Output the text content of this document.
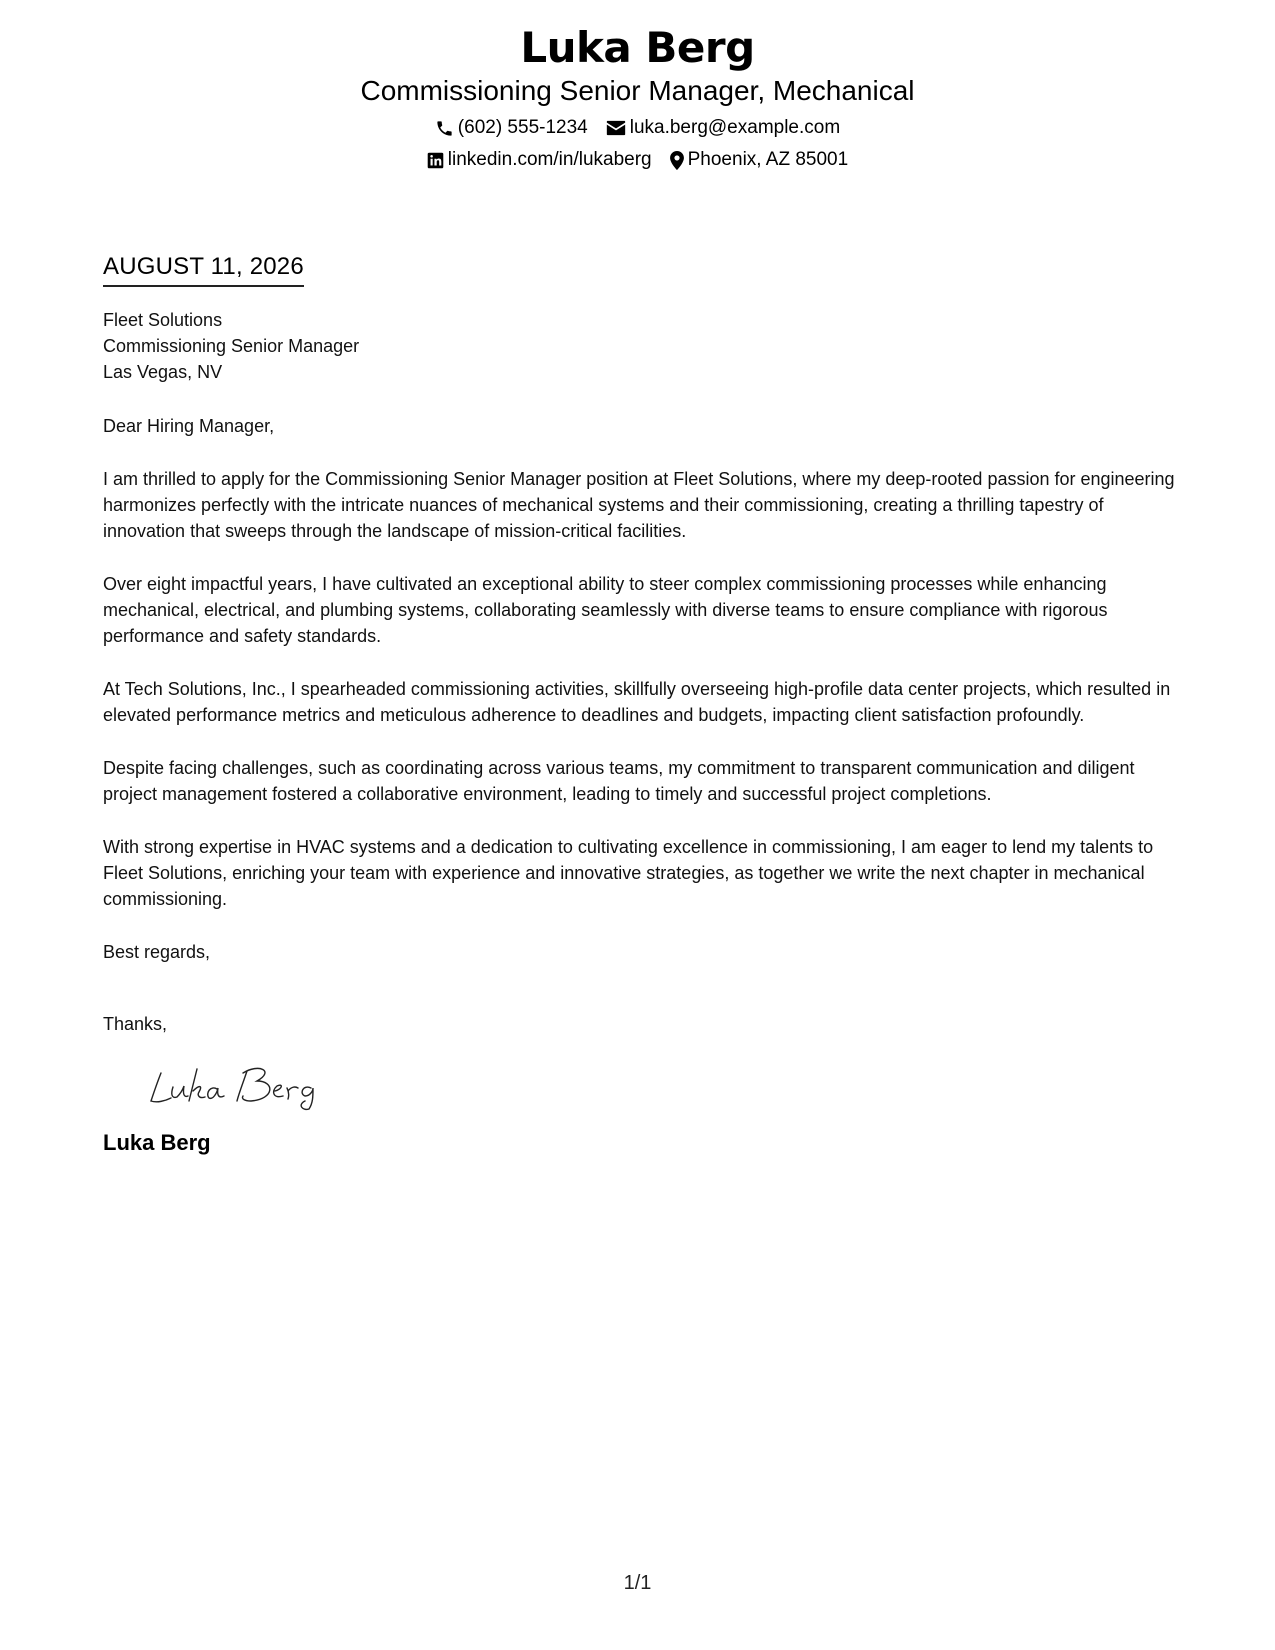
Luka Berg
Commissioning Senior Manager, Mechanical
(602) 555-1234 luka.berg@example.com
linkedin.com/in/lukaberg Phoenix, AZ 85001
AUGUST 11, 2026
Fleet Solutions
Commissioning Senior Manager
Las Vegas, NV
Dear Hiring Manager,
I am thrilled to apply for the Commissioning Senior Manager position at Fleet Solutions, where my deep-rooted passion for engineering harmonizes perfectly with the intricate nuances of mechanical systems and their commissioning, creating a thrilling tapestry of innovation that sweeps through the landscape of mission-critical facilities.
Over eight impactful years, I have cultivated an exceptional ability to steer complex commissioning processes while enhancing mechanical, electrical, and plumbing systems, collaborating seamlessly with diverse teams to ensure compliance with rigorous performance and safety standards.
At Tech Solutions, Inc., I spearheaded commissioning activities, skillfully overseeing high-profile data center projects, which resulted in elevated performance metrics and meticulous adherence to deadlines and budgets, impacting client satisfaction profoundly.
Despite facing challenges, such as coordinating across various teams, my commitment to transparent communication and diligent project management fostered a collaborative environment, leading to timely and successful project completions.
With strong expertise in HVAC systems and a dedication to cultivating excellence in commissioning, I am eager to lend my talents to Fleet Solutions, enriching your team with experience and innovative strategies, as together we write the next chapter in mechanical commissioning.
Best regards,
Thanks,
Luka Berg
1/1
